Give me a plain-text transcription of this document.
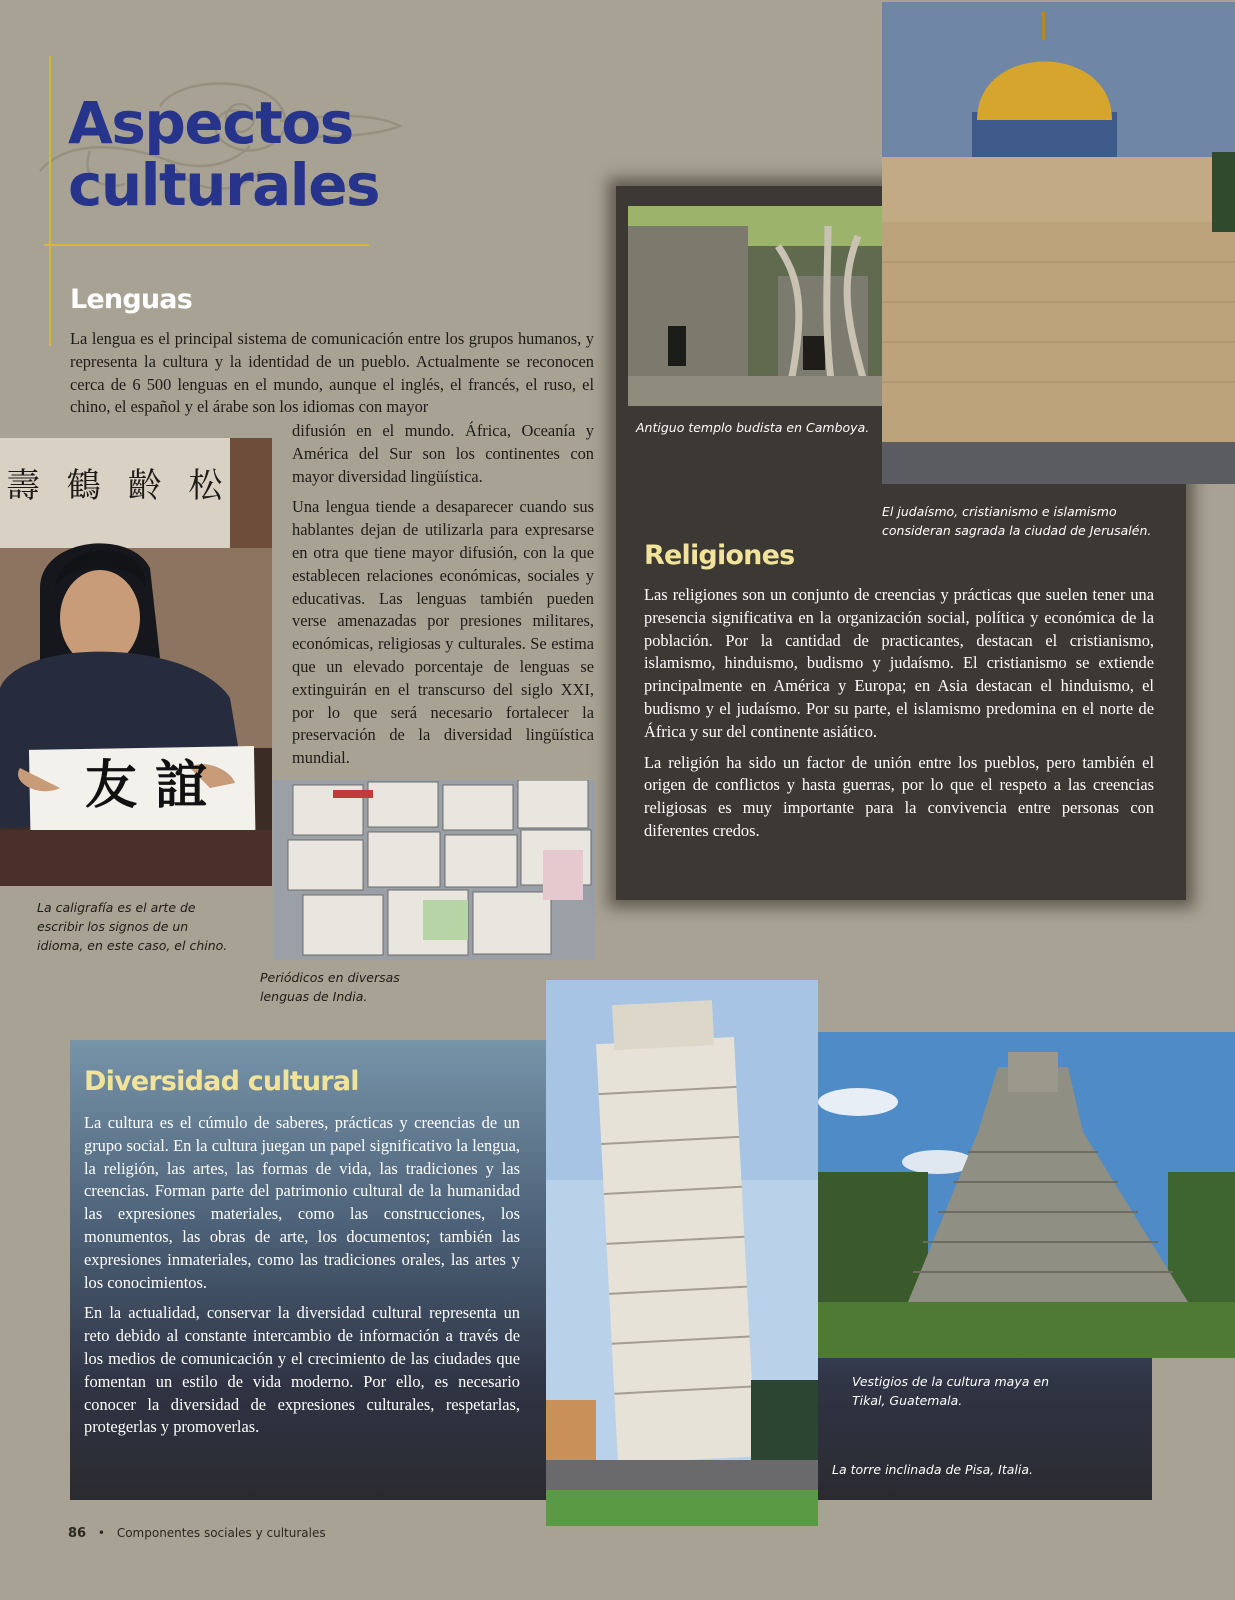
Aspectos
culturales
Lenguas

La lengua es el principal sistema de comunicación entre los grupos humanos, y representa la cultura y la identidad de un pueblo. Actualmente se reconocen cerca de 6 500 lenguas en el mundo, aunque el inglés, el francés, el ruso, el chino, el español y el árabe son los idiomas con mayor

difusión en el mundo. África, Oceanía y América del Sur son los continentes con mayor diversidad lingüística.

Una lengua tiende a desaparecer cuando sus hablantes dejan de utilizarla para expresarse en otra que tiene mayor difusión, con la que establecen relaciones económicas, sociales y educativas. Las lenguas también pueden verse amenazadas por presiones militares, económicas, religiosas y culturales. Se estima que un elevado porcentaje de lenguas se extinguirán en el transcurso del siglo XXI, por lo que será necesario fortalecer la preservación de la diversidad lingüística mundial.

壽 鶴 齡 松
友 誼

La caligrafía es el arte de escribir los signos de un idioma, en este caso, el chino.

Periódicos en diversas lenguas de India.

Antiguo templo budista en Camboya.

El judaísmo, cristianismo e islamismo consideran sagrada la ciudad de Jerusalén.

Religiones

Las religiones son un conjunto de creencias y prácticas que suelen tener una presencia significativa en la organización social, política y económica de la población. Por la cantidad de practicantes, destacan el cristianismo, islamismo, hinduismo, budismo y judaísmo. El cristianismo se extiende principalmente en América y Europa; en Asia destacan el hinduismo, el budismo y el judaísmo. Por su parte, el islamismo predomina en el norte de África y sur del continente asiático.

La religión ha sido un factor de unión entre los pueblos, pero también el origen de conflictos y hasta guerras, por lo que el respeto a las creencias religiosas es muy importante para la convivencia entre personas con diferentes credos.

Diversidad cultural

La cultura es el cúmulo de saberes, prácticas y creencias de un grupo social. En la cultura juegan un papel significativo la lengua, la religión, las artes, las formas de vida, las tradiciones y las creencias. Forman parte del patrimonio cultural de la humanidad las expresiones materiales, como las construcciones, los monumentos, las obras de arte, los documentos; también las expresiones inmateriales, como las tradiciones orales, las artes y los conocimientos.

En la actualidad, conservar la diversidad cultural representa un reto debido al constante intercambio de información a través de los medios de comunicación y el crecimiento de las ciudades que fomentan un estilo de vida moderno. Por ello, es necesario conocer la diversidad de expresiones culturales, respetarlas, protegerlas y promoverlas.

Vestigios de la cultura maya en Tikal, Guatemala.

La torre inclinada de Pisa, Italia.

86 • Componentes sociales y culturales
